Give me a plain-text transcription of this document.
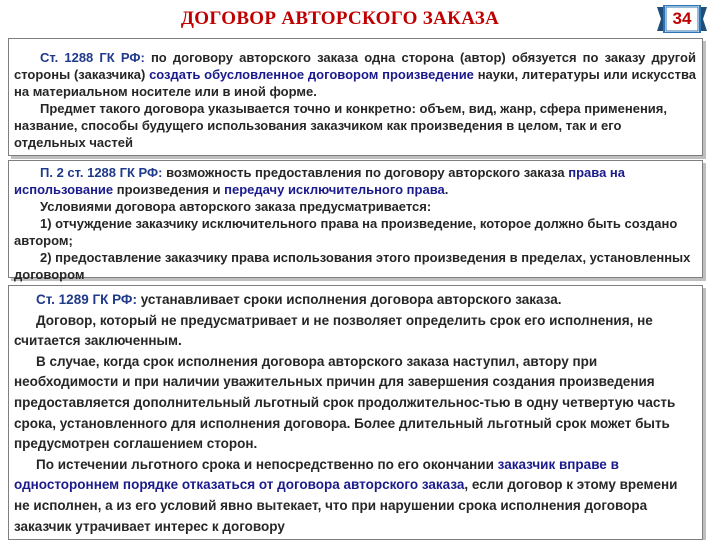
ДОГОВОР АВТОРСКОГО ЗАКАЗА	34

Ст. 1288 ГК РФ: по договору авторского заказа одна сторона (автор) обязуется по заказу другой стороны (заказчика) создать обусловленное договором произведение науки, литературы или искусства на материальном носителе или в иной форме.

Предмет такого договора указывается точно и конкретно: объем, вид, жанр, сфера применения, название, способы будущего использования заказчиком как произведения в целом, так и его отдельных частей

П. 2 ст. 1288 ГК РФ: возможность предоставления по договору авторского заказа права на использование произведения и передачу исключительного права.

Условиями договора авторского заказа предусматривается:

1) отчуждение заказчику исключительного права на произведение, которое должно быть создано автором;

2) предоставление заказчику права использования этого произведения в пределах, установленных договором

Ст. 1289 ГК РФ: устанавливает сроки исполнения договора авторского заказа.

Договор, который не предусматривает и не позволяет определить срок его исполнения, не считается заключенным.

В случае, когда срок исполнения договора авторского заказа наступил, автору при необходимости и при наличии уважительных причин для завершения создания произведения предоставляется дополнительный льготный срок продолжительнос-тью в одну четвертую часть срока, установленного для исполнения договора. Более длительный льготный срок может быть предусмотрен соглашением сторон.

По истечении льготного срока и непосредственно по его окончании заказчик вправе в одностороннем порядке отказаться от договора авторского заказа, если договор к этому времени не исполнен, а из его условий явно вытекает, что при нарушении срока исполнения договора заказчик утрачивает интерес к договору
